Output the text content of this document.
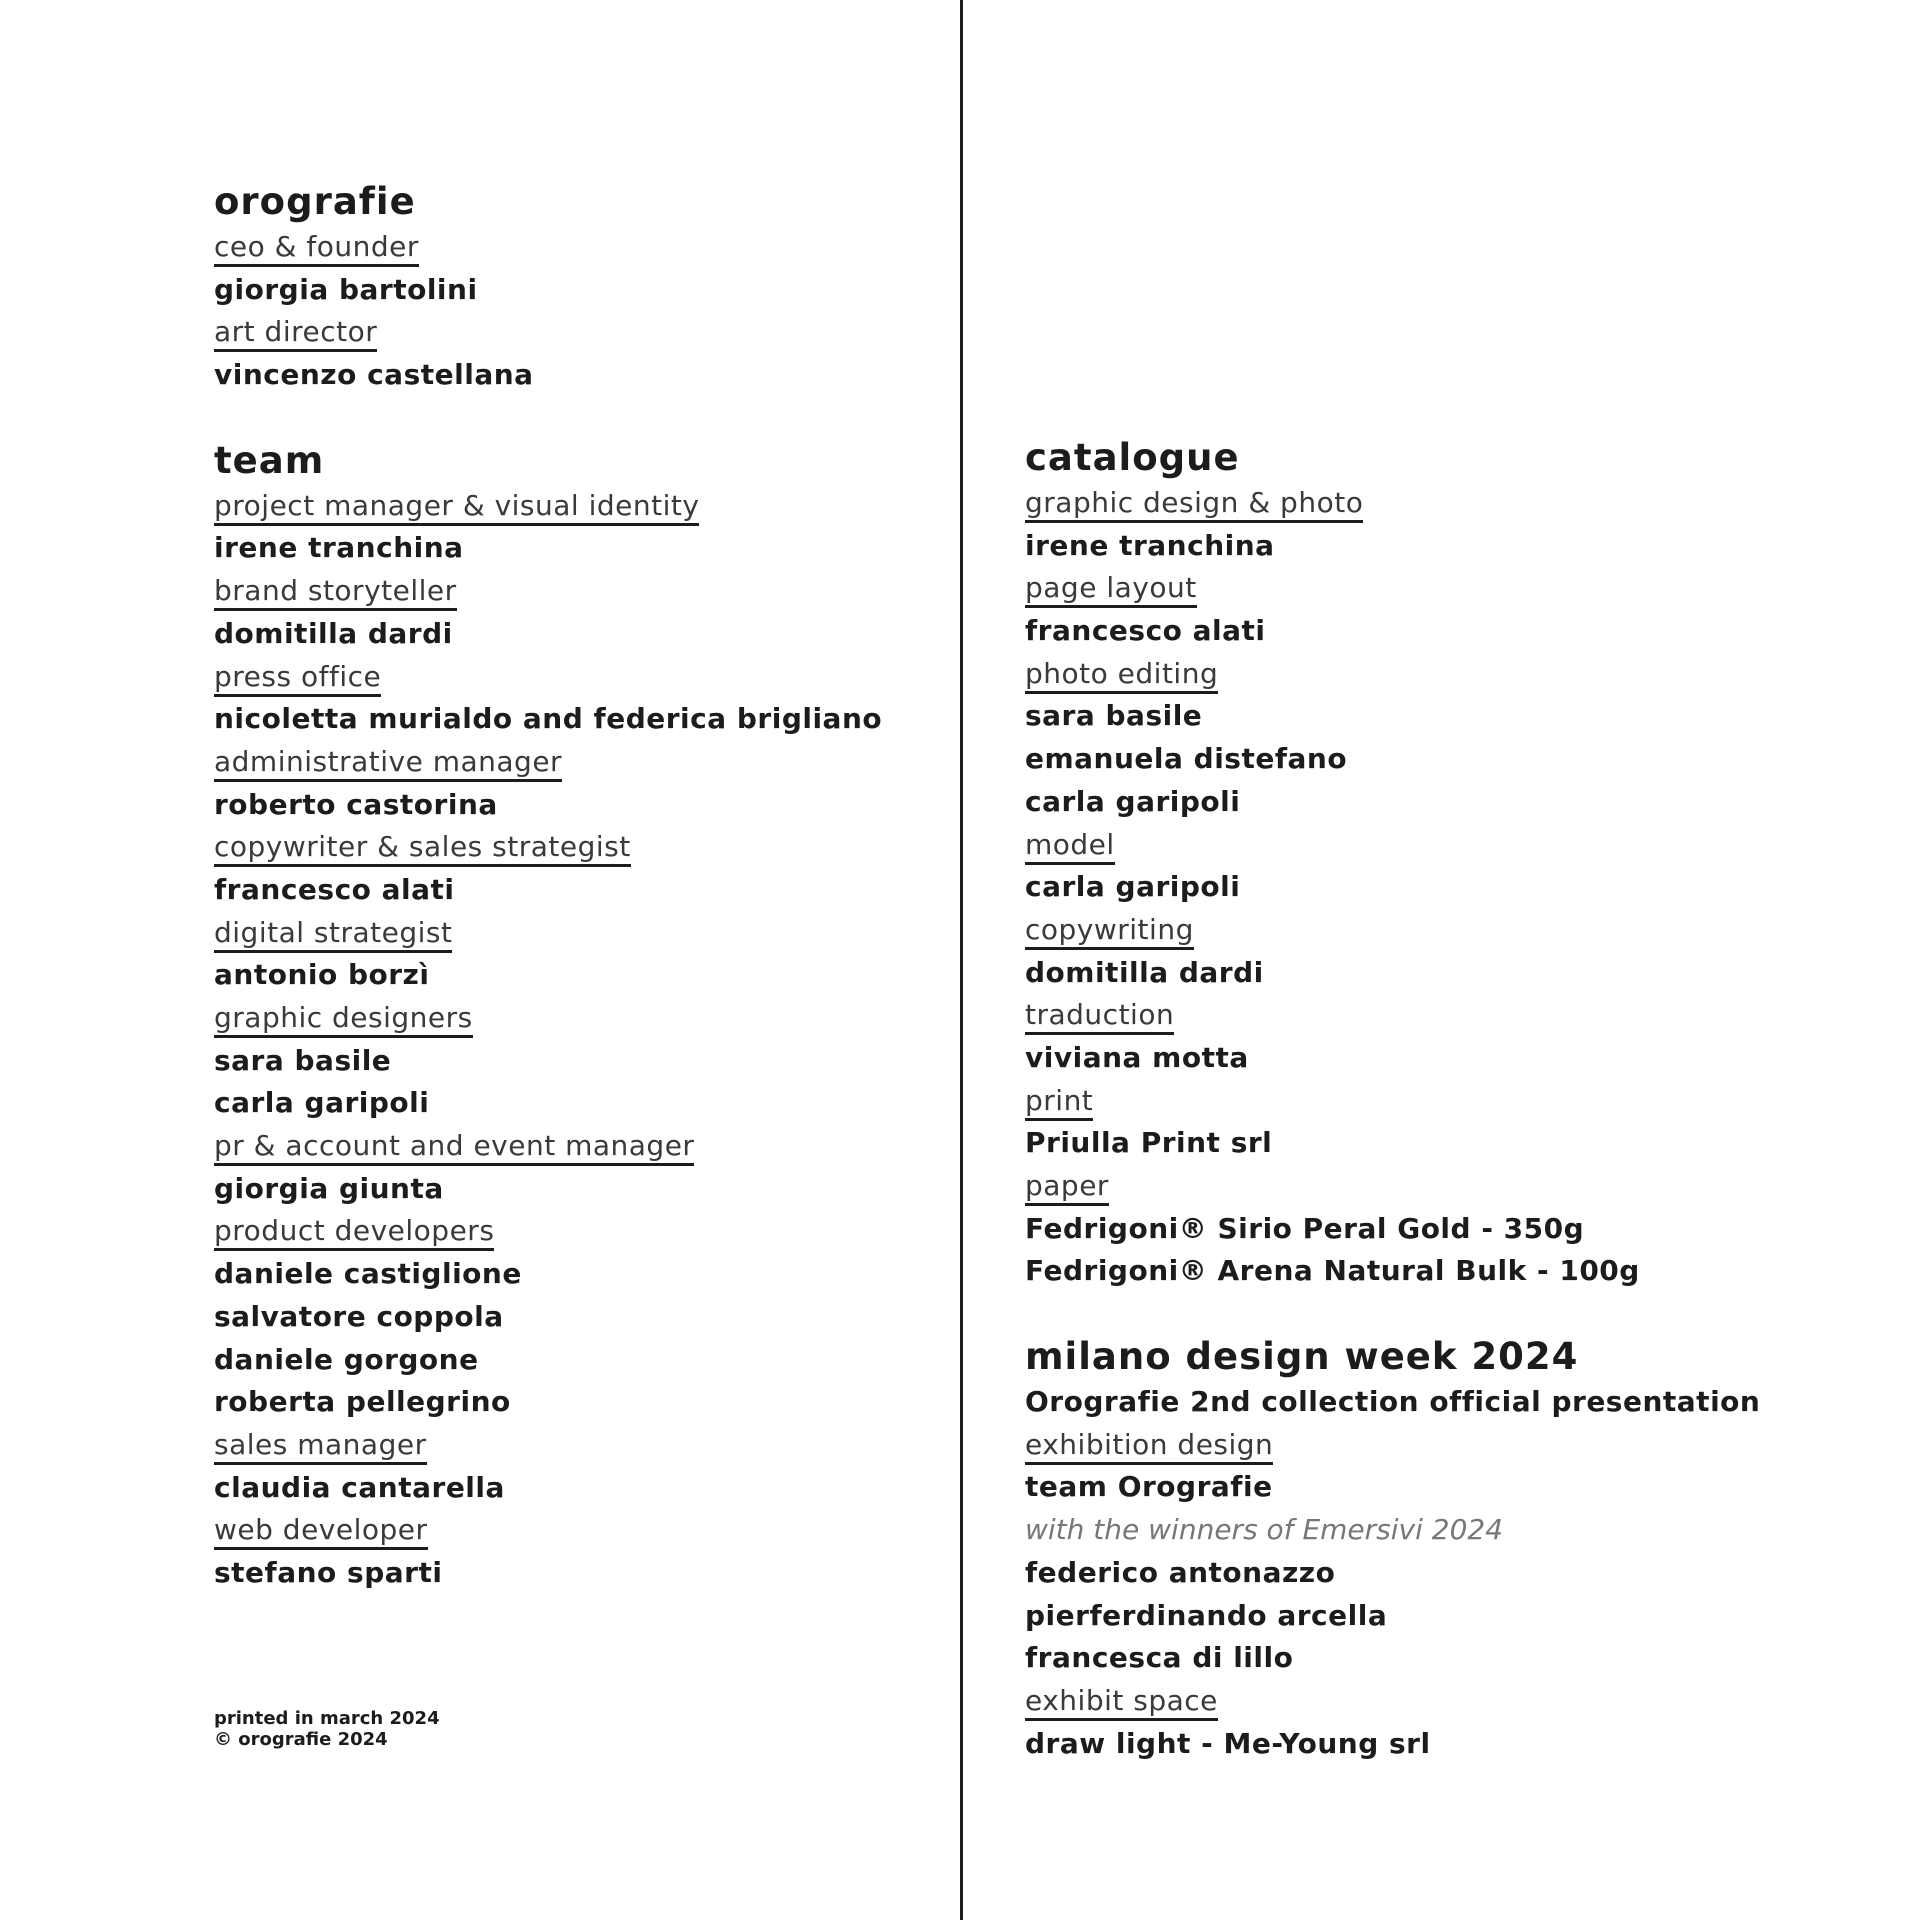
orografie
ceo & founder
giorgia bartolini
art director
vincenzo castellana
team
project manager & visual identity
irene tranchina
brand storyteller
domitilla dardi
press office
nicoletta murialdo and federica brigliano
administrative manager
roberto castorina
copywriter & sales strategist
francesco alati
digital strategist
antonio borzì
graphic designers
sara basile
carla garipoli
pr & account and event manager
giorgia giunta
product developers
daniele castiglione
salvatore coppola
daniele gorgone
roberta pellegrino
sales manager
claudia cantarella
web developer
stefano sparti
catalogue
graphic design & photo
irene tranchina
page layout
francesco alati
photo editing
sara basile
emanuela distefano
carla garipoli
model
carla garipoli
copywriting
domitilla dardi
traduction
viviana motta
print
Priulla Print srl
paper
Fedrigoni® Sirio Peral Gold - 350g
Fedrigoni® Arena Natural Bulk - 100g
milano design week 2024
Orografie 2nd collection official presentation
exhibition design
team Orografie
with the winners of Emersivi 2024
federico antonazzo
pierferdinando arcella
francesca di lillo
exhibit space
draw light - Me-Young srl
printed in march 2024
© orografie 2024
